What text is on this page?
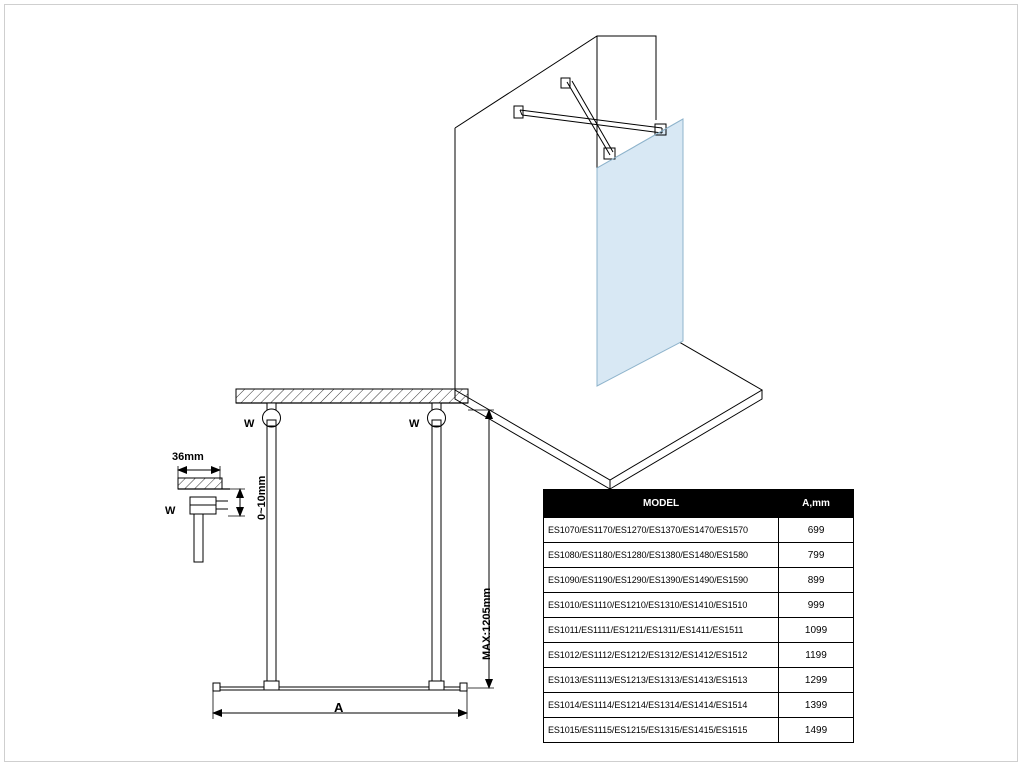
W	W
W
36mm
0~10mm
MAX:1205mm
A
MODEL	A,mm
ES1070/ES1170/ES1270/ES1370/ES1470/ES1570	699
ES1080/ES1180/ES1280/ES1380/ES1480/ES1580	799
ES1090/ES1190/ES1290/ES1390/ES1490/ES1590	899
ES1010/ES1110/ES1210/ES1310/ES1410/ES1510	999
ES1011/ES1111/ES1211/ES1311/ES1411/ES1511	1099
ES1012/ES1112/ES1212/ES1312/ES1412/ES1512	1199
ES1013/ES1113/ES1213/ES1313/ES1413/ES1513	1299
ES1014/ES1114/ES1214/ES1314/ES1414/ES1514	1399
ES1015/ES1115/ES1215/ES1315/ES1415/ES1515	1499
